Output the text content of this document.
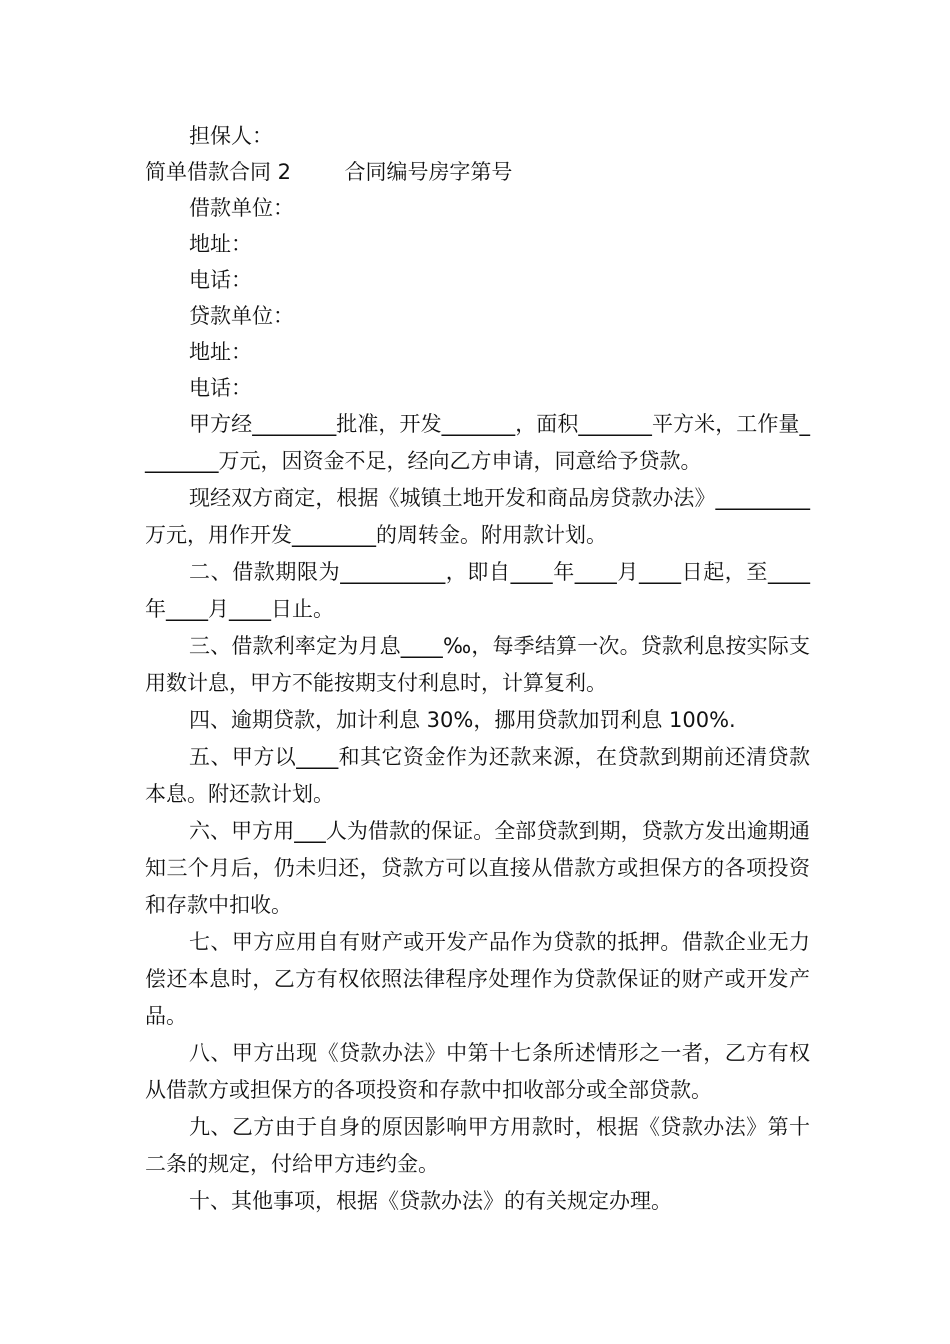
担保人：
简单借款合同 2        合同编号房字第号
借款单位：
地址：
电话：
贷款单位：
地址：
电话：

甲方经________批准，开发_______，面积_______平方米，工作量________万元，因资金不足，经向乙方申请，同意给予贷款。

现经双方商定，根据《城镇土地开发和商品房贷款办法》_________万元，用作开发________的周转金。附用款计划。

二、借款期限为__________，即自____年____月____日起，至____年____月____日止。

三、借款利率定为月息____‰，每季结算一次。贷款利息按实际支用数计息，甲方不能按期支付利息时，计算复利。

四、逾期贷款，加计利息 30%，挪用贷款加罚利息 100%.

五、甲方以____和其它资金作为还款来源，在贷款到期前还清贷款本息。附还款计划。

六、甲方用___人为借款的保证。全部贷款到期，贷款方发出逾期通知三个月后，仍未归还，贷款方可以直接从借款方或担保方的各项投资和存款中扣收。

七、甲方应用自有财产或开发产品作为贷款的抵押。借款企业无力偿还本息时，乙方有权依照法律程序处理作为贷款保证的财产或开发产品。

八、甲方出现《贷款办法》中第十七条所述情形之一者，乙方有权从借款方或担保方的各项投资和存款中扣收部分或全部贷款。

九、乙方由于自身的原因影响甲方用款时，根据《贷款办法》第十二条的规定，付给甲方违约金。

十、其他事项，根据《贷款办法》的有关规定办理。
